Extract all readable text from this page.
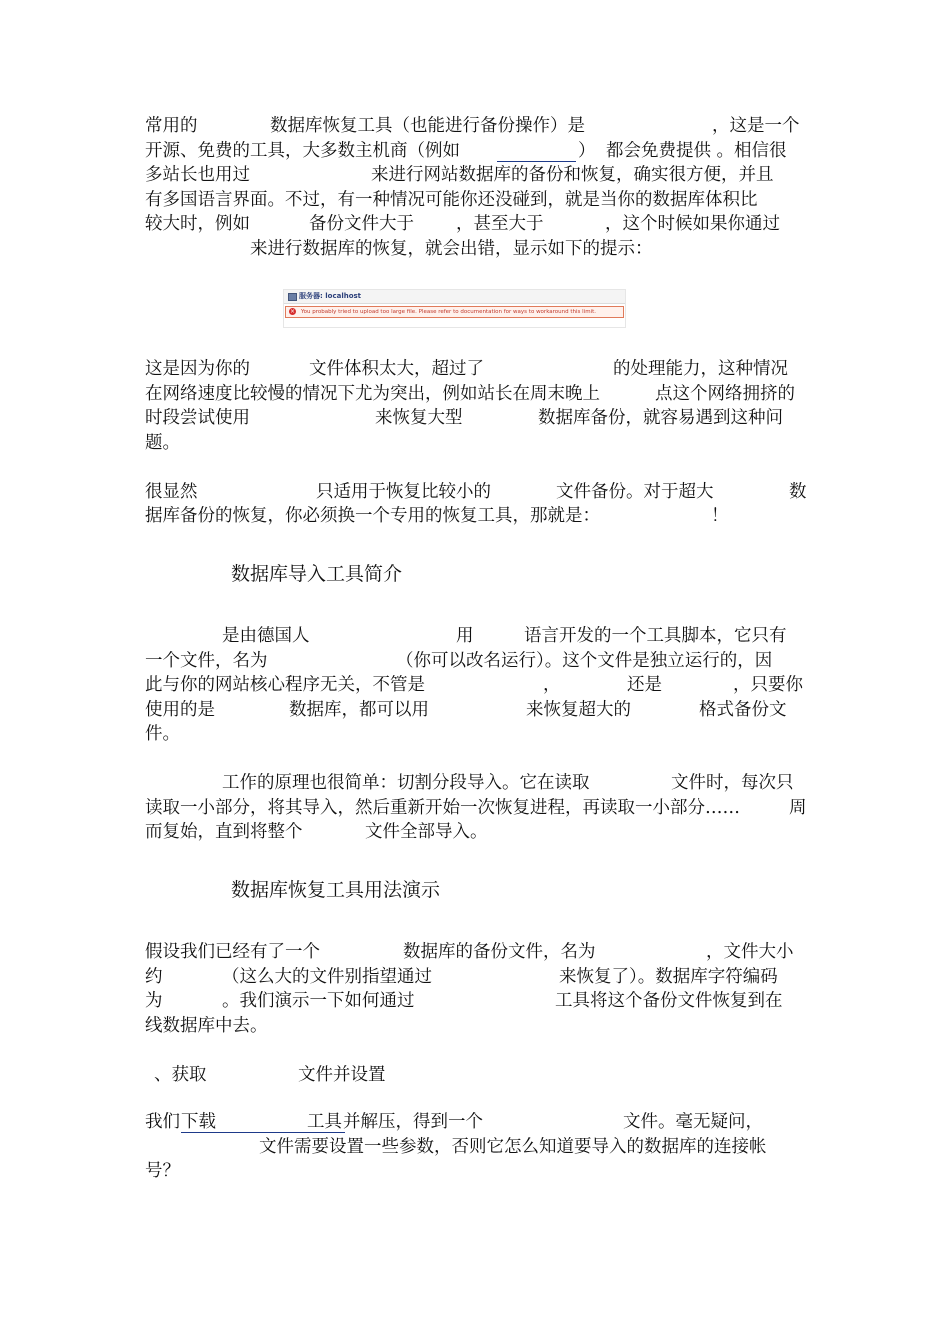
常用的	数据库恢复工具（也能进行备份操作）是	，这是一个
开源、免费的工具，大多数主机商（例如	） 都会免费提供 。相信很
多站长也用过	来进行网站数据库的备份和恢复，确实很方便，并且
有多国语言界面。不过，有一种情况可能你还没碰到，就是当你的数据库体积比
较大时，例如	备份文件大于 ，甚至大于	，这个时候如果你通过
来进行数据库的恢复，就会出错，显示如下的提示：
服务器: localhost
× You probably tried to upload too large file. Please refer to documentation for ways to workaround this limit.
这是因为你的	文件体积太大，超过了	的处理能力，这种情况
在网络速度比较慢的情况下尤为突出，例如站长在周末晚上	点这个网络拥挤的
时段尝试使用	来恢复大型	数据库备份，就容易遇到这种问
题。
很显然	只适用于恢复比较小的	文件备份。对于超大	数
据库备份的恢复，你必须换一个专用的恢复工具，那就是：	！
数据库导入工具简介
是由德国人	用	语言开发的一个工具脚本，它只有
一个文件，名为	（你可以改名运行）。这个文件是独立运行的，因
此与你的网站核心程序无关，不管是	，	还是	，只要你
使用的是	数据库，都可以用	来恢复超大的	格式备份文
件。
工作的原理也很简单：切割分段导入。它在读取	文件时，每次只
读取一小部分，将其导入，然后重新开始一次恢复进程，再读取一小部分……	周
而复始，直到将整个	文件全部导入。
数据库恢复工具用法演示
假设我们已经有了一个	数据库的备份文件，名为	，文件大小
约	（这么大的文件别指望通过	来恢复了）。数据库字符编码
为	。我们演示一下如何通过	工具将这个备份文件恢复到在
线数据库中去。
、获取	文件并设置
我们 下载	工具 并解压，得到一个	文件。毫无疑问，
文件需要设置一些参数，否则它怎么知道要导入的数据库的连接帐
号？
